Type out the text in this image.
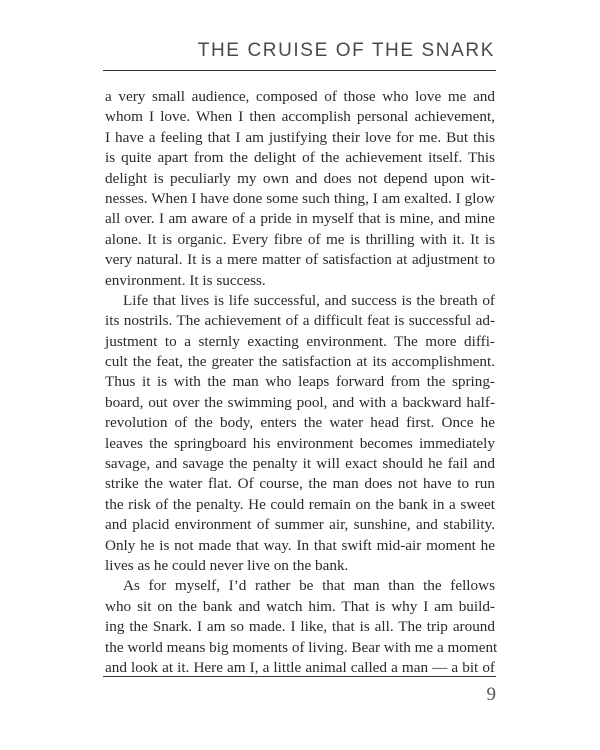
THE CRUISE OF THE SNARK
a very small audience, composed of those who love me and
whom I love. When I then accomplish personal achievement,
I have a feeling that I am justifying their love for me. But this
is quite apart from the delight of the achievement itself. This
delight is peculiarly my own and does not depend upon wit-
nesses. When I have done some such thing, I am exalted. I glow
all over. I am aware of a pride in myself that is mine, and mine
alone. It is organic. Every fibre of me is thrilling with it. It is
very natural. It is a mere matter of satisfaction at adjustment to
environment. It is success.
Life that lives is life successful, and success is the breath of
its nostrils. The achievement of a difficult feat is successful ad-
justment to a sternly exacting environment. The more diffi-
cult the feat, the greater the satisfaction at its accomplishment.
Thus it is with the man who leaps forward from the spring-
board, out over the swimming pool, and with a backward half-
revolution of the body, enters the water head first. Once he
leaves the springboard his environment becomes immediately
savage, and savage the penalty it will exact should he fail and
strike the water flat. Of course, the man does not have to run
the risk of the penalty. He could remain on the bank in a sweet
and placid environment of summer air, sunshine, and stability.
Only he is not made that way. In that swift mid-air moment he
lives as he could never live on the bank.
As for myself, I’d rather be that man than the fellows
who sit on the bank and watch him. That is why I am build-
ing the Snark. I am so made. I like, that is all. The trip around
the world means big moments of living. Bear with me a moment
and look at it. Here am I, a little animal called a man — a bit of
9
